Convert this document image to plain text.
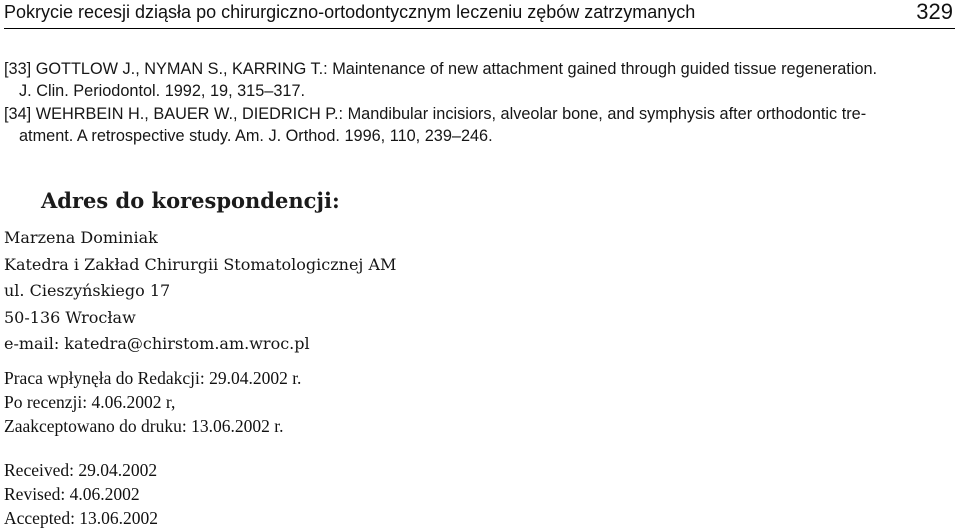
Pokrycie recesji dziąsła po chirurgiczno-ortodontycznym leczeniu zębów zatrzymanych	329
[33] GOTTLOW J., NYMAN S., KARRING T.: Maintenance of new attachment gained through guided tissue regeneration.
J. Clin. Periodontol. 1992, 19, 315–317.
[34] WEHRBEIN H., BAUER W., DIEDRICH P.: Mandibular incisiors, alveolar bone, and symphysis after orthodontic tre-
atment. A retrospective study. Am. J. Orthod. 1996, 110, 239–246.
Adres do korespondencji:
Marzena Dominiak
Katedra i Zakład Chirurgii Stomatologicznej AM
ul. Cieszyńskiego 17
50-136 Wrocław
e-mail: katedra@chirstom.am.wroc.pl
Praca wpłynęła do Redakcji: 29.04.2002 r.
Po recenzji: 4.06.2002 r,
Zaakceptowano do druku: 13.06.2002 r.
Received: 29.04.2002
Revised: 4.06.2002
Accepted: 13.06.2002
